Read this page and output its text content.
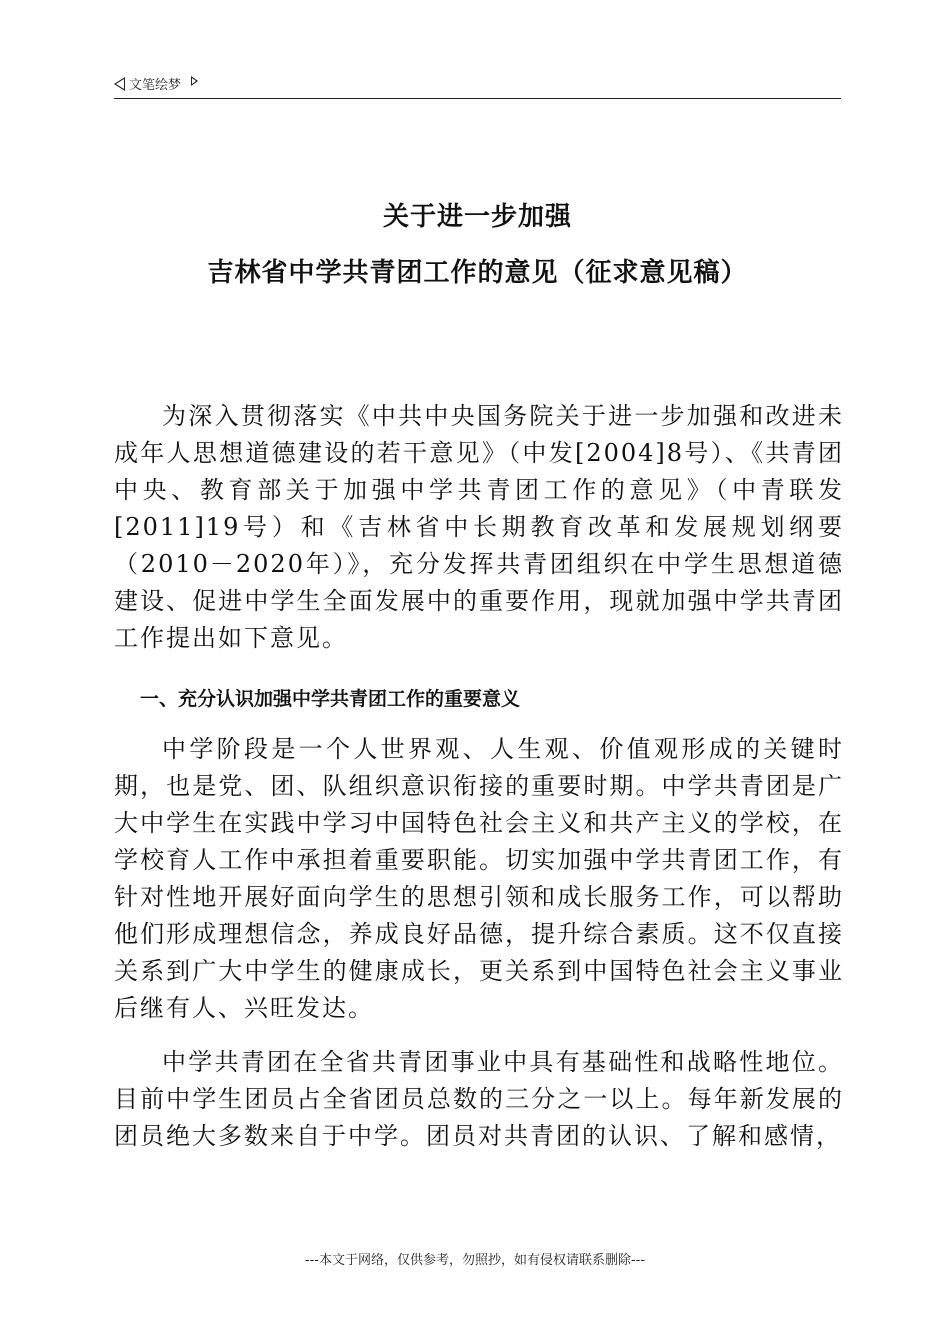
文笔绘梦
关于进一步加强
吉林省中学共青团工作的意见（征求意见稿）

为深入贯彻落实《中共中央国务院关于进一步加强和改进未成年人思想道德建设的若干意见》（中发[2004]8号）、《共青团中央、教育部关于加强中学共青团工作的意见》（中青联发[2011]19号）和《吉林省中长期教育改革和发展规划纲要（2010－2020年）》，充分发挥共青团组织在中学生思想道德建设、促进中学生全面发展中的重要作用，现就加强中学共青团工作提出如下意见。

一、充分认识加强中学共青团工作的重要意义

中学阶段是一个人世界观、人生观、价值观形成的关键时期，也是党、团、队组织意识衔接的重要时期。中学共青团是广大中学生在实践中学习中国特色社会主义和共产主义的学校，在学校育人工作中承担着重要职能。切实加强中学共青团工作，有针对性地开展好面向学生的思想引领和成长服务工作，可以帮助他们形成理想信念，养成良好品德，提升综合素质。这不仅直接关系到广大中学生的健康成长，更关系到中国特色社会主义事业后继有人、兴旺发达。

中学共青团在全省共青团事业中具有基础性和战略性地位。目前中学生团员占全省团员总数的三分之一以上。每年新发展的团员绝大多数来自于中学。团员对共青团的认识、了解和感情，

---本文于网络，仅供参考，勿照抄，如有侵权请联系删除---
